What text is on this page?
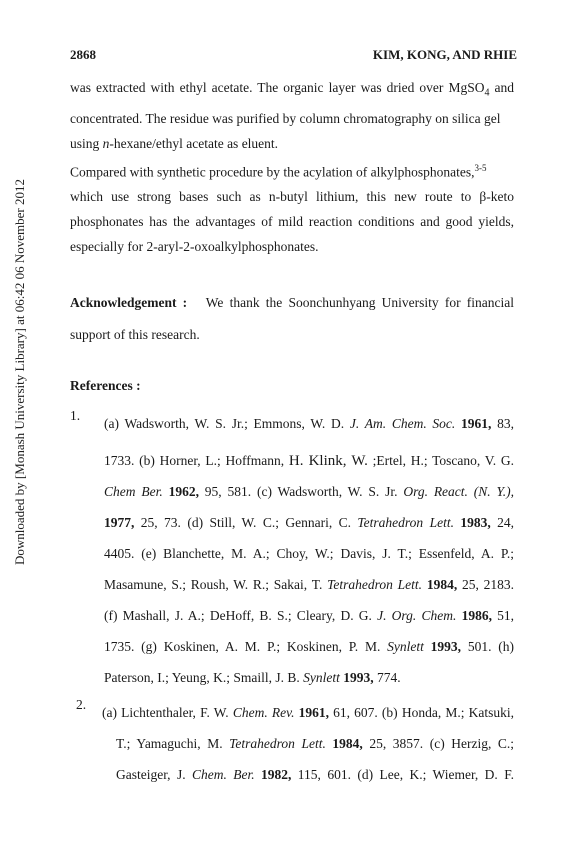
Downloaded by [Monash University Library] at 06:42 06 November 2012
2868	KIM, KONG, AND RHIE
was extracted with ethyl acetate. The organic layer was dried over MgSO$_4$ and
concentrated. The residue was purified by column chromatography on silica gel
using n-hexane/ethyl acetate as eluent.
Compared with synthetic procedure by the acylation of alkylphosphonates,$^{3-5}$
which use strong bases such as n-butyl lithium, this new route to β-keto
phosphonates has the advantages of mild reaction conditions and good yields,
especially for 2-aryl-2-oxoalkylphosphonates.
Acknowledgement : We thank the Soonchunhyang University for financial
support of this research.
References :
1.
(a) Wadsworth, W. S. Jr.; Emmons, W. D. J. Am. Chem. Soc. 1961, 83,
1733. (b) Horner, L.; Hoffmann, H. Klink, W. ;Ertel, H.; Toscano, V. G.
Chem Ber. 1962, 95, 581. (c) Wadsworth, W. S. Jr. Org. React. (N. Y.),
1977, 25, 73. (d) Still, W. C.; Gennari, C. Tetrahedron Lett. 1983, 24,
4405. (e) Blanchette, M. A.; Choy, W.; Davis, J. T.; Essenfeld, A. P.;
Masamune, S.; Roush, W. R.; Sakai, T. Tetrahedron Lett. 1984, 25, 2183.
(f) Mashall, J. A.; DeHoff, B. S.; Cleary, D. G. J. Org. Chem. 1986, 51,
1735. (g) Koskinen, A. M. P.; Koskinen, P. M. Synlett 1993, 501. (h)
Paterson, I.; Yeung, K.; Smaill, J. B. Synlett 1993, 774.
2.
(a) Lichtenthaler, F. W. Chem. Rev. 1961, 61, 607. (b) Honda, M.; Katsuki,
T.; Yamaguchi, M. Tetrahedron Lett. 1984, 25, 3857. (c) Herzig, C.;
Gasteiger, J. Chem. Ber. 1982, 115, 601. (d) Lee, K.; Wiemer, D. F.
